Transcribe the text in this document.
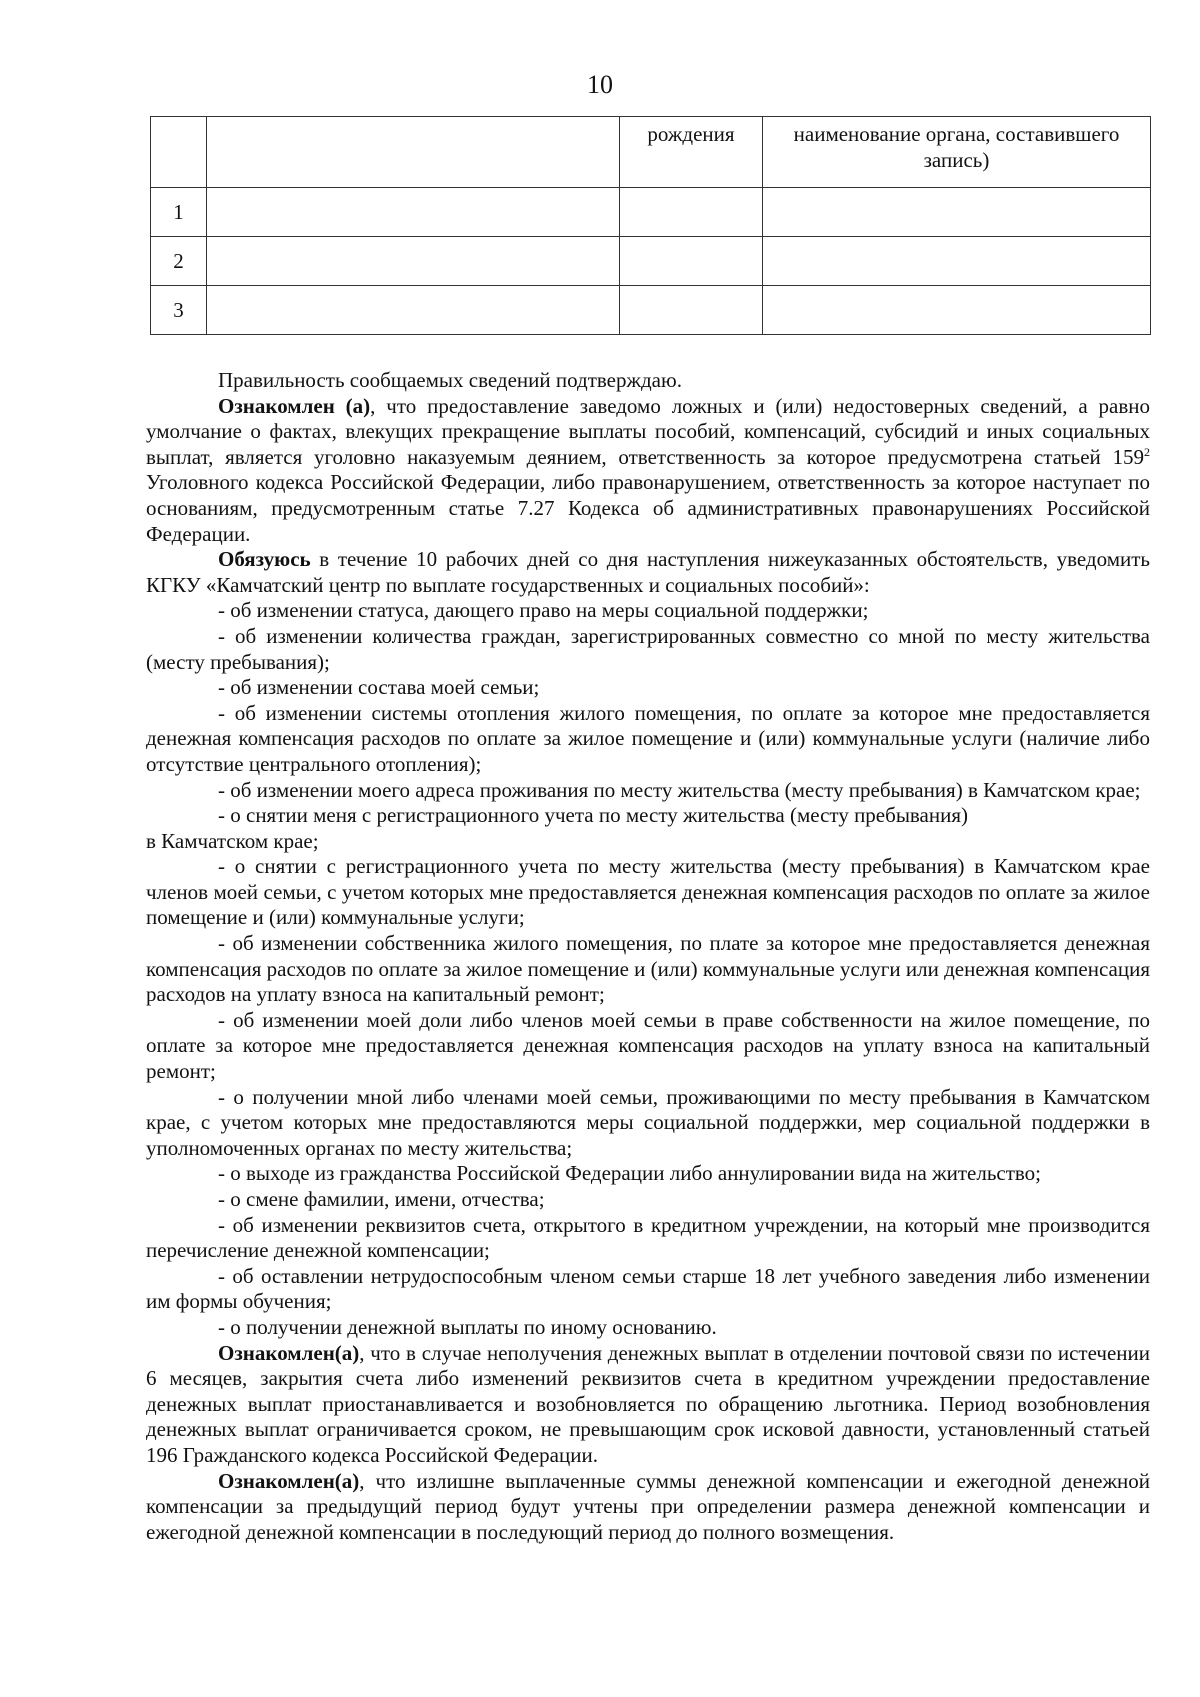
10
		рождения	наименование органа, составившего запись)
1			
2			
3			

Правильность сообщаемых сведений подтверждаю.

Ознакомлен (а), что предоставление заведомо ложных и (или) недостоверных сведений, а равно умолчание о фактах, влекущих прекращение выплаты пособий, компенсаций, субсидий и иных социальных выплат, является уголовно наказуемым деянием, ответственность за которое предусмотрена статьей $159^2$ Уголовного кодекса Российской Федерации, либо правонарушением, ответственность за которое наступает по основаниям, предусмотренным статье 7.27 Кодекса об административных правонарушениях Российской Федерации.

Обязуюсь в течение 10 рабочих дней со дня наступления нижеуказанных обстоятельств, уведомить КГКУ «Камчатский центр по выплате государственных и социальных пособий»:

- об изменении статуса, дающего право на меры социальной поддержки;

- об изменении количества граждан, зарегистрированных совместно со мной по месту жительства (месту пребывания);

- об изменении состава моей семьи;

- об изменении системы отопления жилого помещения, по оплате за которое мне предоставляется денежная компенсация расходов по оплате за жилое помещение и (или) коммунальные услуги (наличие либо отсутствие центрального отопления);

- об изменении моего адреса проживания по месту жительства (месту пребывания) в Камчатском крае;

- о снятии меня с регистрационного учета по месту жительства (месту пребывания)

в Камчатском крае;

- о снятии с регистрационного учета по месту жительства (месту пребывания) в Камчатском крае членов моей семьи, с учетом которых мне предоставляется денежная компенсация расходов по оплате за жилое помещение и (или) коммунальные услуги;

- об изменении собственника жилого помещения, по плате за которое мне предоставляется денежная компенсация расходов по оплате за жилое помещение и (или) коммунальные услуги или денежная компенсация расходов на уплату взноса на капитальный ремонт;

- об изменении моей доли либо членов моей семьи в праве собственности на жилое помещение, по оплате за которое мне предоставляется денежная компенсация расходов на уплату взноса на капитальный ремонт;

- о получении мной либо членами моей семьи, проживающими по месту пребывания в Камчатском крае, с учетом которых мне предоставляются меры социальной поддержки, мер социальной поддержки в уполномоченных органах по месту жительства;

- о выходе из гражданства Российской Федерации либо аннулировании вида на жительство;

- о смене фамилии, имени, отчества;

- об изменении реквизитов счета, открытого в кредитном учреждении, на который мне производится перечисление денежной компенсации;

- об оставлении нетрудоспособным членом семьи старше 18 лет учебного заведения либо изменении им формы обучения;

- о получении денежной выплаты по иному основанию.

Ознакомлен(а), что в случае неполучения денежных выплат в отделении почтовой связи по истечении 6 месяцев, закрытия счета либо изменений реквизитов счета в кредитном учреждении предоставление денежных выплат приостанавливается и возобновляется по обращению льготника. Период возобновления денежных выплат ограничивается сроком, не превышающим срок исковой давности, установленный статьей 196 Гражданского кодекса Российской Федерации.

Ознакомлен(а), что излишне выплаченные суммы денежной компенсации и ежегодной денежной компенсации за предыдущий период будут учтены при определении размера денежной компенсации и ежегодной денежной компенсации в последующий период до полного возмещения.
